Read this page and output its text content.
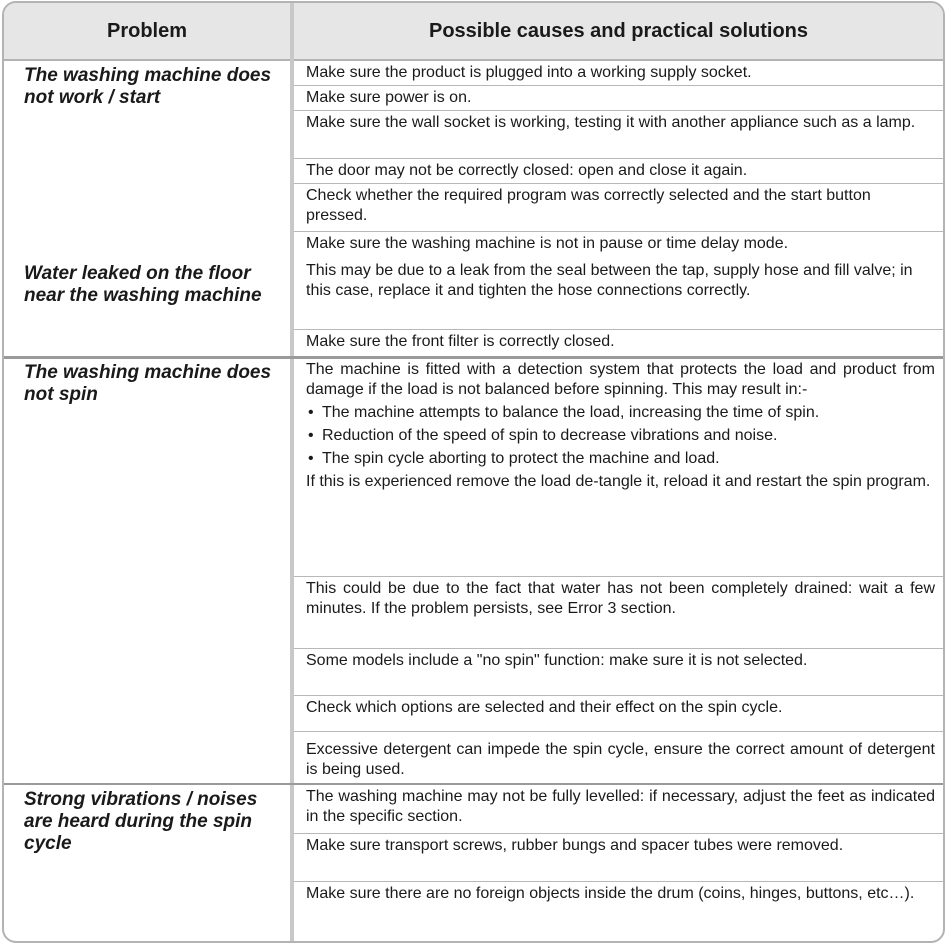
Problem	Possible causes and practical solutions
The washing machine does not work / start
Make sure the product is plugged into a working supply socket.
Make sure power is on.
Make sure the wall socket is working, testing it with another appliance such as a lamp.
The door may not be correctly closed: open and close it again.
Check whether the required program was correctly selected and the start button pressed.
Make sure the washing machine is not in pause or time delay mode.
Water leaked on the floor near the washing machine
This may be due to a leak from the seal between the tap, supply hose and fill valve; in this case, replace it and tighten the hose connections correctly.
Make sure the front filter is correctly closed.
The washing machine does not spin
The machine is fitted with a detection system that protects the load and product from damage if the load is not balanced before spinning. This may result in:-
• The machine attempts to balance the load, increasing the time of spin.
• Reduction of the speed of spin to decrease vibrations and noise.
• The spin cycle aborting to protect the machine and load.
If this is experienced remove the load de-tangle it, reload it and restart the spin program.
This could be due to the fact that water has not been completely drained: wait a few minutes. If the problem persists, see Error 3 section.
Some models include a "no spin" function: make sure it is not selected.
Check which options are selected and their effect on the spin cycle.
Excessive detergent can impede the spin cycle, ensure the correct amount of detergent is being used.
Strong vibrations / noises are heard during the spin cycle
The washing machine may not be fully levelled: if necessary, adjust the feet as indicated in the specific section.
Make sure transport screws, rubber bungs and spacer tubes were removed.
Make sure there are no foreign objects inside the drum (coins, hinges, buttons, etc…).
